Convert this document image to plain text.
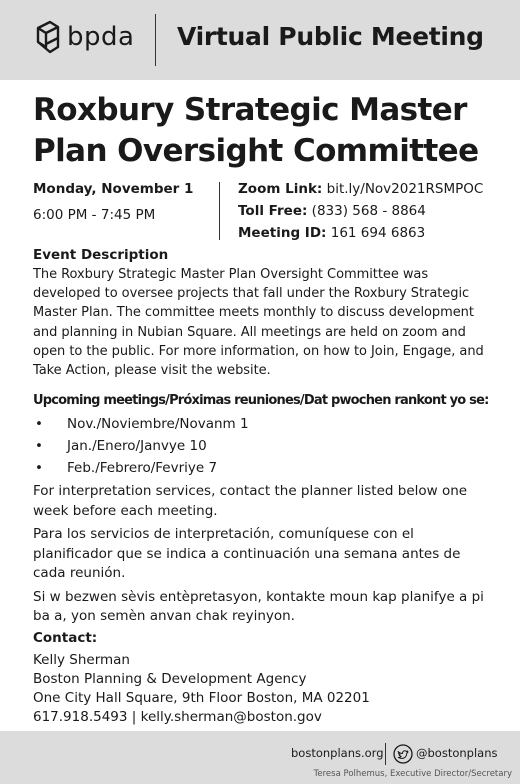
bpda Virtual Public Meeting
Roxbury Strategic Master
Plan Oversight Committee
Monday, November 1
6:00 PM - 7:45 PM
Zoom Link: bit.ly/Nov2021RSMPOC
Toll Free: (833) 568 - 8864
Meeting ID: 161 694 6863
Event Description

The Roxbury Strategic Master Plan Oversight Committee was developed to oversee projects that fall under the Roxbury Strategic Master Plan. The committee meets monthly to discuss development and planning in Nubian Square. All meetings are held on zoom and open to the public. For more information, on how to Join, Engage, and Take Action, please visit the website.

Upcoming meetings/Próximas reuniones/Dat pwochen rankont yo se:
• Nov./Noviembre/Novanm 1
• Jan./Enero/Janvye 10
• Feb./Febrero/Fevriye 7

For interpretation services, contact the planner listed below one week before each meeting.

Para los servicios de interpretación, comuníquese con el planificador que se indica a continuación una semana antes de cada reunión.

Si w bezwen sèvis entèpretasyon, kontakte moun kap planifye a pi ba a, yon semèn anvan chak reyinyon.

Contact:
Kelly Sherman
Boston Planning & Development Agency
One City Hall Square, 9th Floor Boston, MA 02201
617.918.5493 | kelly.sherman@boston.gov
bostonplans.org	@bostonplans
Teresa Polhemus, Executive Director/Secretary
